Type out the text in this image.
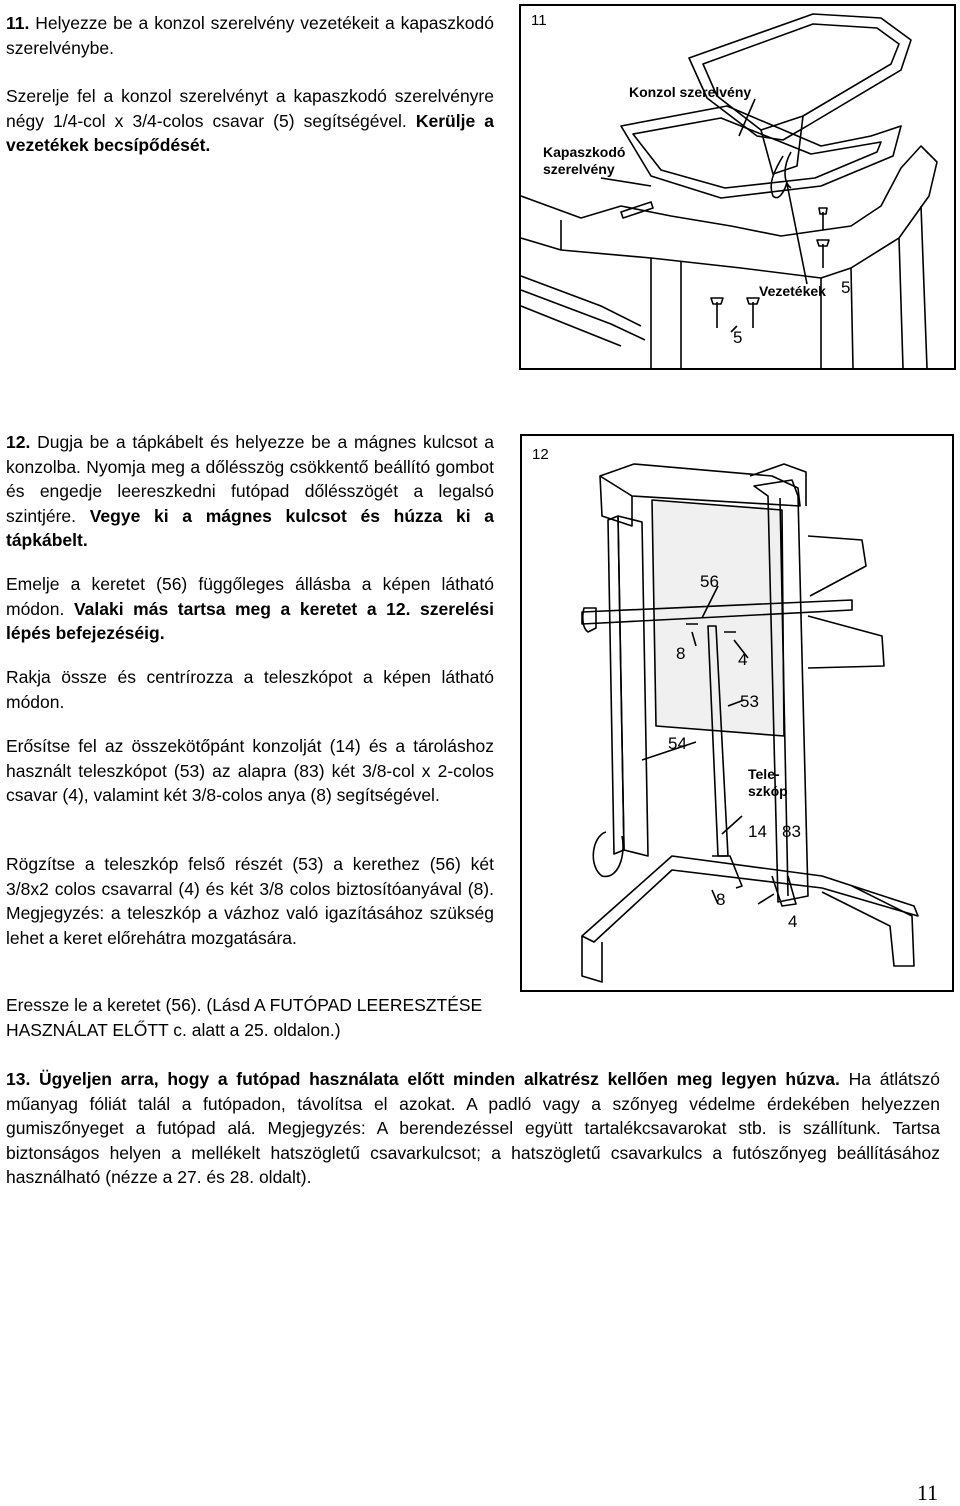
11. Helyezze be a konzol szerelvény vezetékeit a kapaszkodó szerelvénybe.

Szerelje fel a konzol szerelvényt a kapaszkodó szerelvényre négy 1/4-col x 3/4-colos csavar (5) segítségével. Kerülje a vezetékek becsípődését.

11
Konzol szerelvény
Kapaszkodó
szerelvény
Vezetékek 5
5

12. Dugja be a tápkábelt és helyezze be a mágnes kulcsot a konzolba. Nyomja meg a dőlésszög csökkentő beállító gombot és engedje leereszkedni futópad dőlésszögét a legalsó szintjére. Vegye ki a mágnes kulcsot és húzza ki a tápkábelt.

Emelje a keretet (56) függőleges állásba a képen látható módon. Valaki más tartsa meg a keretet a 12. szerelési lépés befejezéséig.

Rakja össze és centrírozza a teleszkópot a képen látható módon.

Erősítse fel az összekötőpánt konzolját (14) és a tároláshoz használt teleszkópot (53) az alapra (83) két 3/8-col x 2-colos csavar (4), valamint két 3/8-colos anya (8) segítségével.

Rögzítse a teleszkóp felső részét (53) a kerethez (56) két 3/8x2 colos csavarral (4) és két 3/8 colos biztosítóanyával (8). Megjegyzés: a teleszkóp a vázhoz való igazításához szükség lehet a keret előrehátra mozgatására.

Eressze le a keretet (56). (Lásd A FUTÓPAD LEERESZTÉSE HASZNÁLAT ELŐTT c. alatt a 25. oldalon.)

12
56
8	4
53
54
Tele-
szkóp
14 83
8
4

13. Ügyeljen arra, hogy a futópad használata előtt minden alkatrész kellően meg legyen húzva. Ha átlátszó műanyag fóliát talál a futópadon, távolítsa el azokat. A padló vagy a szőnyeg védelme érdekében helyezzen gumiszőnyeget a futópad alá. Megjegyzés: A berendezéssel együtt tartalékcsavarokat stb. is szállítunk. Tartsa biztonságos helyen a mellékelt hatszögletű csavarkulcsot; a hatszögletű csavarkulcs a futószőnyeg beállításához használható (nézze a 27. és 28. oldalt).

11
